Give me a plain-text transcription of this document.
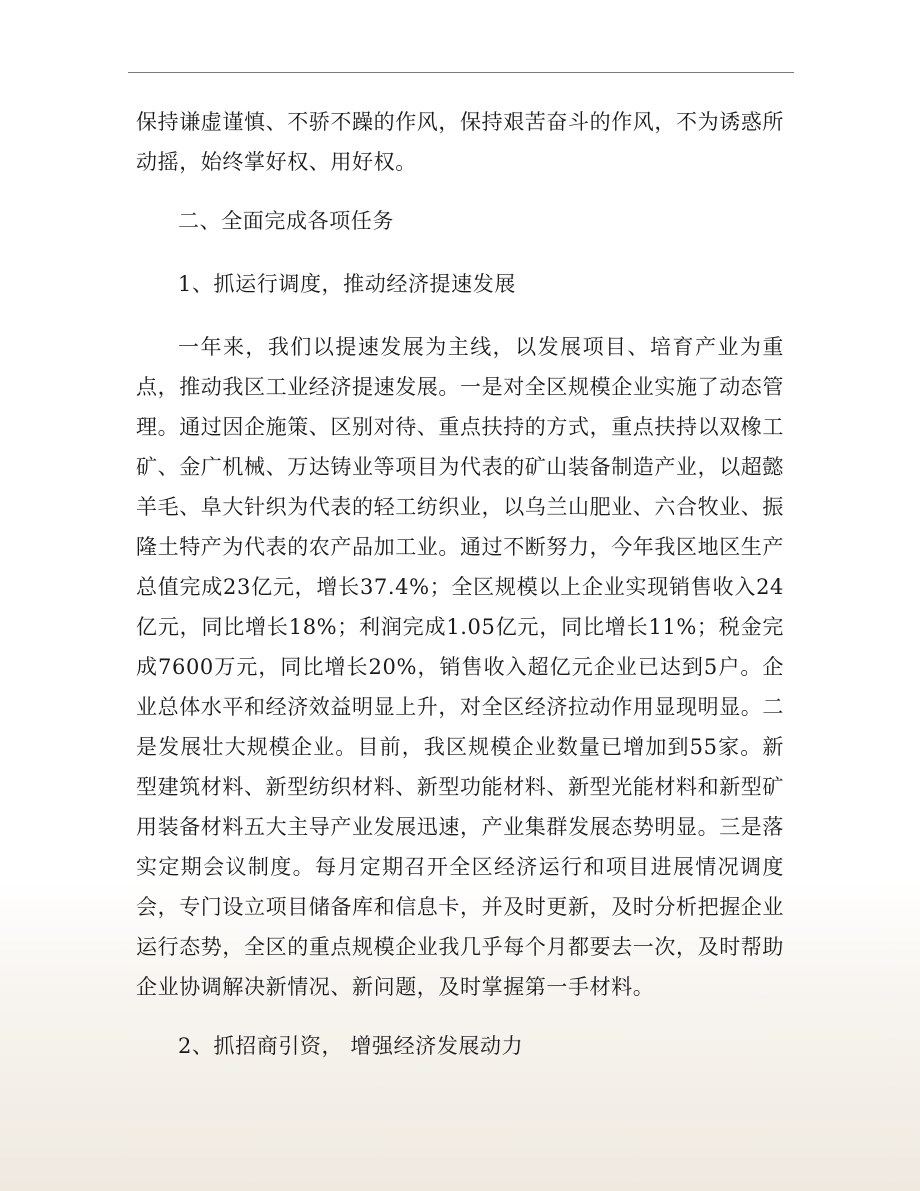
保持谦虚谨慎、不骄不躁的作风，保持艰苦奋斗的作风，不为诱惑所动摇，始终掌好权、用好权。

二、全面完成各项任务

1、抓运行调度，推动经济提速发展

一年来，我们以提速发展为主线，以发展项目、培育产业为重点，推动我区工业经济提速发展。一是对全区规模企业实施了动态管理。通过因企施策、区别对待、重点扶持的方式，重点扶持以双橡工矿、金广机械、万达铸业等项目为代表的矿山装备制造产业，以超懿羊毛、阜大针织为代表的轻工纺织业，以乌兰山肥业、六合牧业、振隆土特产为代表的农产品加工业。通过不断努力，今年我区地区生产总值完成23亿元，增长37.4%；全区规模以上企业实现销售收入24亿元，同比增长18%；利润完成1.05亿元，同比增长11%；税金完成7600万元，同比增长20%，销售收入超亿元企业已达到5户。企业总体水平和经济效益明显上升，对全区经济拉动作用显现明显。二是发展壮大规模企业。目前，我区规模企业数量已增加到55家。新型建筑材料、新型纺织材料、新型功能材料、新型光能材料和新型矿用装备材料五大主导产业发展迅速，产业集群发展态势明显。三是落实定期会议制度。每月定期召开全区经济运行和项目进展情况调度会，专门设立项目储备库和信息卡，并及时更新，及时分析把握企业运行态势，全区的重点规模企业我几乎每个月都要去一次，及时帮助企业协调解决新情况、新问题，及时掌握第一手材料。

2、抓招商引资， 增强经济发展动力
